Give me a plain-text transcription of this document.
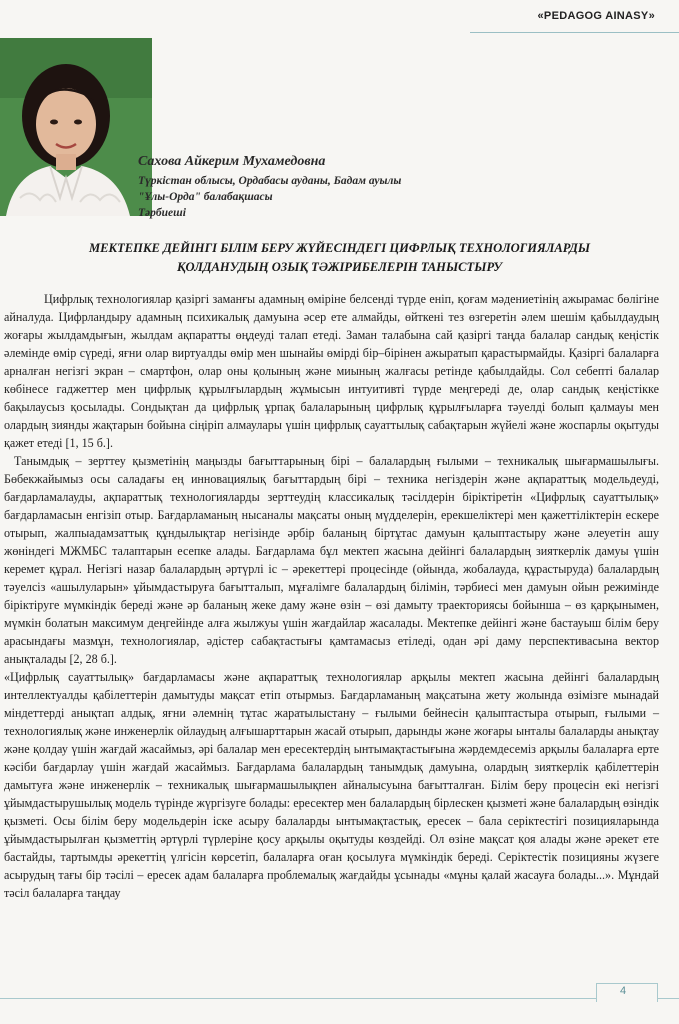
«PEDAGOG AINASY»
Сахова Айкерим Мухамедовна
Түркістан облысы, Ордабасы ауданы, Бадам ауылы
"Ұлы-Орда" балабақшасы
Тәрбиеші
МЕКТЕПКЕ ДЕЙІНГІ БІЛІМ БЕРУ ЖҮЙЕСІНДЕГІ ЦИФРЛЫҚ ТЕХНОЛОГИЯЛАРДЫ
ҚОЛДАНУДЫҢ ОЗЫҚ ТӘЖІРИБЕЛЕРІН ТАНЫСТЫРУ

Цифрлық технологиялар қазіргі заманғы адамның өміріне белсенді түрде еніп, қоғам мәдениетінің ажырамас бөлігіне айналуда. Цифрландыру адамның психикалық дамуына әсер ете алмайды, өйткені тез өзгеретін әлем шешім қабылдаудың жоғары жылдамдығын, жылдам ақпаратты өңдеуді талап етеді. Заман талабына сай қазіргі таңда балалар сандық кеңістік әлемінде өмір сүреді, яғни олар виртуалды өмір мен шынайы өмірді бір–бірінен ажыратып қарастырмайды. Қазіргі балаларға арналған негізгі экран – смартфон, олар оны қолының және миының жалғасы ретінде қабылдайды. Сол себепті балалар көбінесе гаджеттер мен цифрлық құрылғылардың жұмысын интуитивті түрде меңгереді де, олар сандық кеңістікке бақылаусыз қосылады. Сондықтан да цифрлық ұрпақ балаларының цифрлық құрылғыларға тәуелді болып қалмауы мен олардың зиянды жақтарын бойына сіңіріп алмаулары үшін цифрлық сауаттылық сабақтарын жүйелі және жоспарлы оқытуды қажет етеді [1, 15 б.].

Танымдық – зерттеу қызметінің маңызды бағыттарының бірі – балалардың ғылыми – техникалық шығармашылығы. Бөбекжайымыз осы саладағы ең инновациялық бағыттардың бірі – техника негіздерін және ақпараттық модельдеуді, бағдарламалауды, ақпараттық технологияларды зерттеудің классикалық тәсілдерін біріктіретін «Цифрлық сауаттылық» бағдарламасын енгізіп отыр. Бағдарламаның нысаналы мақсаты оның мүдделерін, ерекшеліктері мен қажеттіліктерін ескере отырып, жалпыадамзаттық құндылықтар негізінде әрбір баланың біртұтас дамуын қалыптастыру және әлеуетін ашу жөніндегі МЖМБС талаптарын есепке алады. Бағдарлама бұл мектеп жасына дейінгі балалардың зияткерлік дамуы үшін керемет құрал. Негізгі назар балалардың әртүрлі іс – әрекеттері процесінде (ойында, жобалауда, құрастыруда) балалардың тәуелсіз «ашылуларын» ұйымдастыруға бағытталып, мұғалімге балалардың білімін, тәрбиесі мен дамуын ойын режимінде біріктіруге мүмкіндік береді және әр баланың жеке даму және өзін – өзі дамыту траекториясы бойынша – өз қарқынымен, мүмкін болатын максимум деңгейінде алға жылжуы үшін жағдайлар жасалады. Мектепке дейінгі және бастауыш білім беру арасындағы мазмұн, технологиялар, әдістер сабақтастығы қамтамасыз етіледі, одан әрі даму перспективасына вектор анықталады [2, 28 б.].

«Цифрлық сауаттылық» бағдарламасы және ақпараттық технологиялар арқылы мектеп жасына дейінгі балалардың интеллектуалды қабілеттерін дамытуды мақсат етіп отырмыз. Бағдарламаның мақсатына жету жолында өзімізге мынадай міндеттерді анықтап алдық, яғни әлемнің тұтас жаратылыстану – ғылыми бейнесін қалыптастыра отырып, ғылыми – технологиялық және инженерлік ойлаудың алғышарттарын жасай отырып, дарынды және жоғары ынталы балаларды анықтау және қолдау үшін жағдай жасаймыз, әрі балалар мен ересектердің ынтымақтастығына жәрдемдесеміз арқылы балаларға ерте кәсіби бағдарлау үшін жағдай жасаймыз. Бағдарлама балалардың танымдық дамуына, олардың зияткерлік қабілеттерін дамытуға және инженерлік – техникалық шығармашылықпен айналысуына бағытталған. Білім беру процесін екі негізгі ұйымдастырушылық модель түрінде жүргізуге болады: ересектер мен балалардың бірлескен қызметі және балалардың өзіндік қызметі. Осы білім беру модельдерін іске асыру балаларды ынтымақтастық, ересек – бала серіктестігі позицияларында ұйымдастырылған қызметтің әртүрлі түрлеріне қосу арқылы оқытуды көздейді. Ол өзіне мақсат қоя алады және әрекет ете бастайды, тартымды әрекеттің үлгісін көрсетіп, балаларға оған қосылуға мүмкіндік береді. Серіктестік позицияны жүзеге асырудың тағы бір тәсілі – ересек адам балаларға проблемалық жағдайды ұсынады «мұны қалай жасауға болады...». Мұндай тәсіл балаларға таңдау

4
